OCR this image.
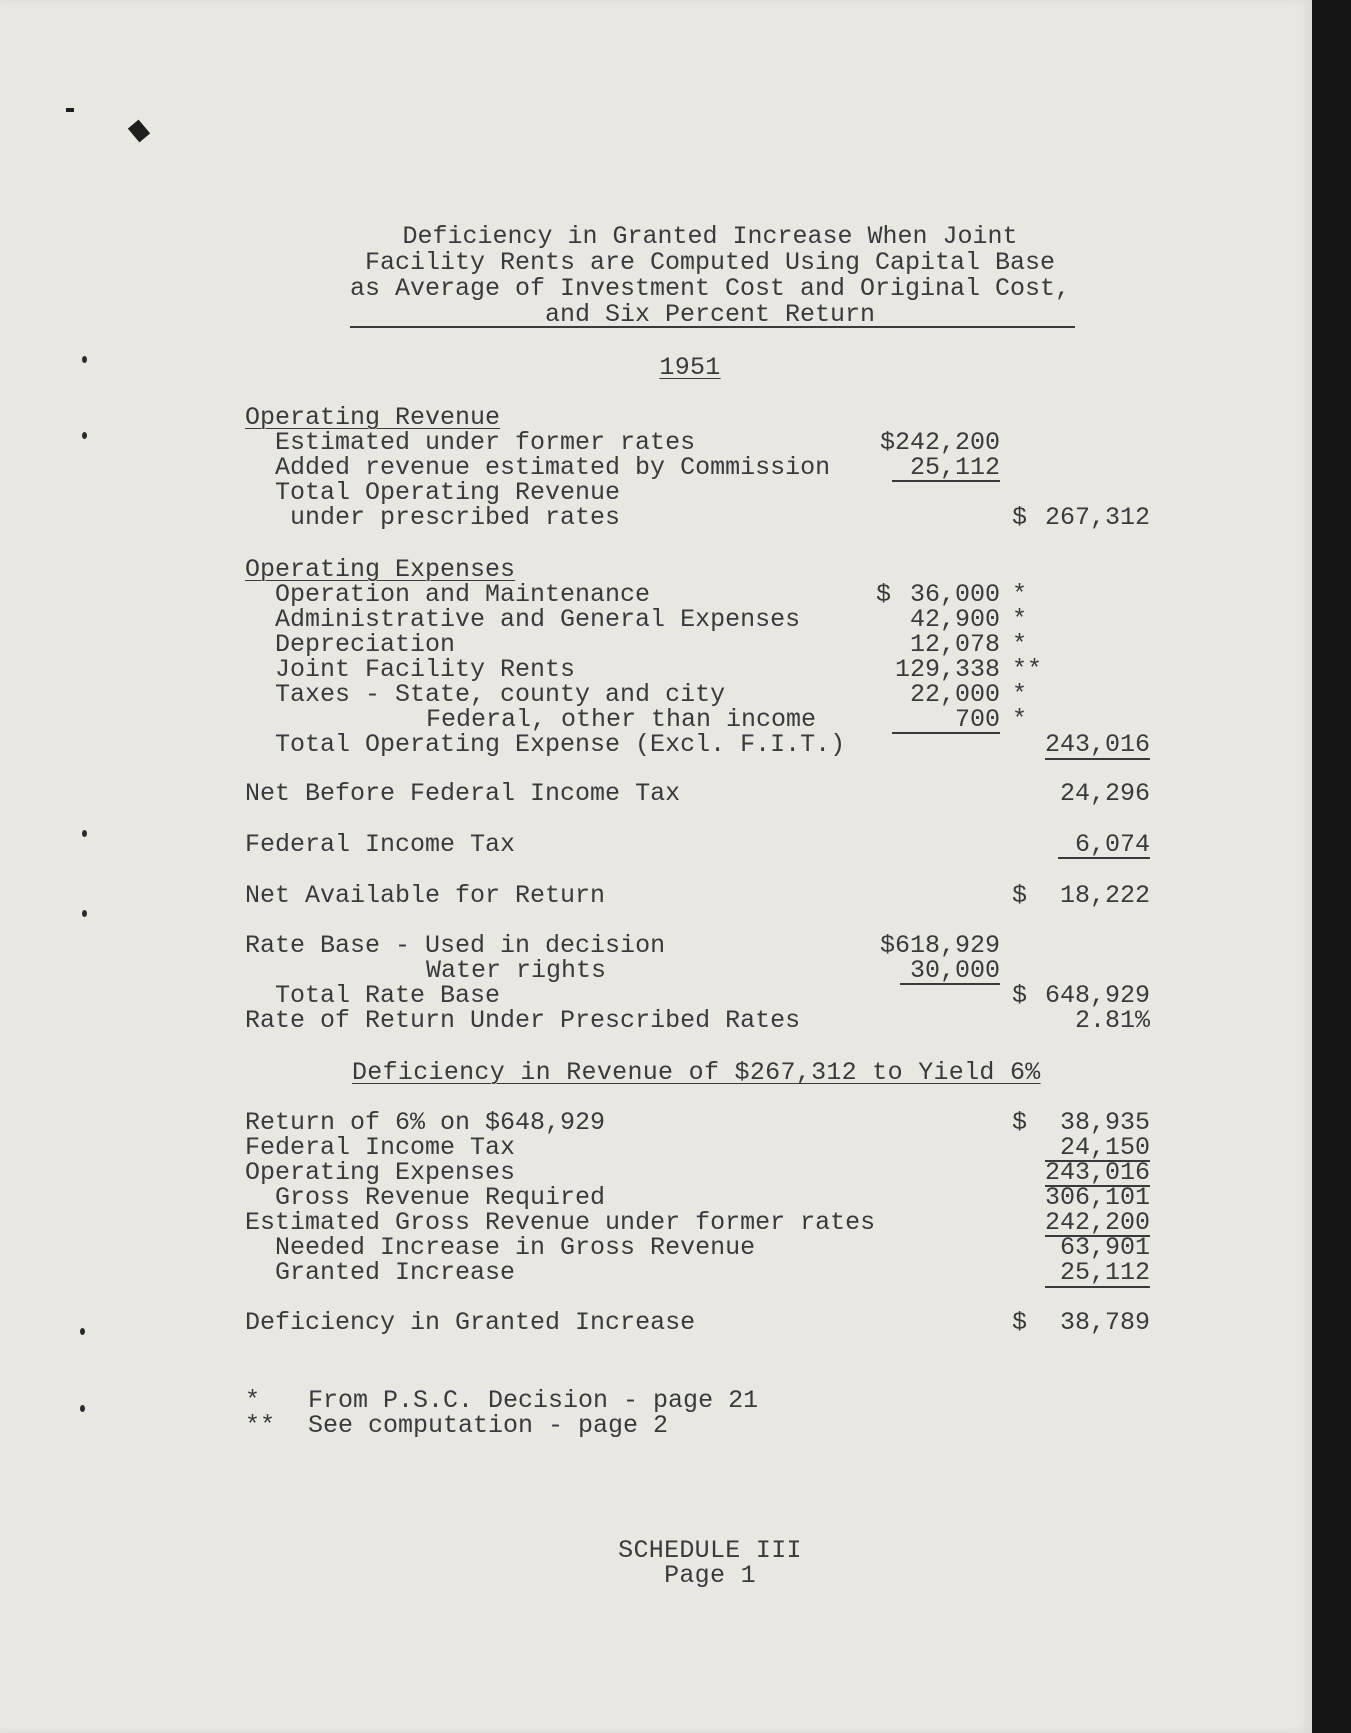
Deficiency in Granted Increase When Joint
Facility Rents are Computed Using Capital Base
as Average of Investment Cost and Original Cost,
and Six Percent Return
1951
Operating Revenue
Estimated under former rates	$242,200
Added revenue estimated by Commission	25,112
Total Operating Revenue
under prescribed rates	$ 267,312
Operating Expenses
Operation and Maintenance	$ 36,000 *
Administrative and General Expenses	42,900 *
Depreciation	12,078 *
Joint Facility Rents	129,338 **
Taxes - State, county and city	22,000 *
Federal, other than income	700 *
Total Operating Expense (Excl. F.I.T.)	243,016
Net Before Federal Income Tax	24,296
Federal Income Tax	6,074
Net Available for Return	$	18,222
Rate Base - Used in decision	$618,929
Water rights	30,000
Total Rate Base	$ 648,929
Rate of Return Under Prescribed Rates	2.81%
Deficiency in Revenue of $267,312 to Yield 6%
Return of 6% on $648,929	$	38,935
Federal Income Tax	24,150
Operating Expenses	243,016
Gross Revenue Required	306,101
Estimated Gross Revenue under former rates	242,200
Needed Increase in Gross Revenue	63,901
Granted Increase	25,112
Deficiency in Granted Increase	$	38,789
* From P.S.C. Decision - page 21
** See computation - page 2
SCHEDULE III
Page 1
